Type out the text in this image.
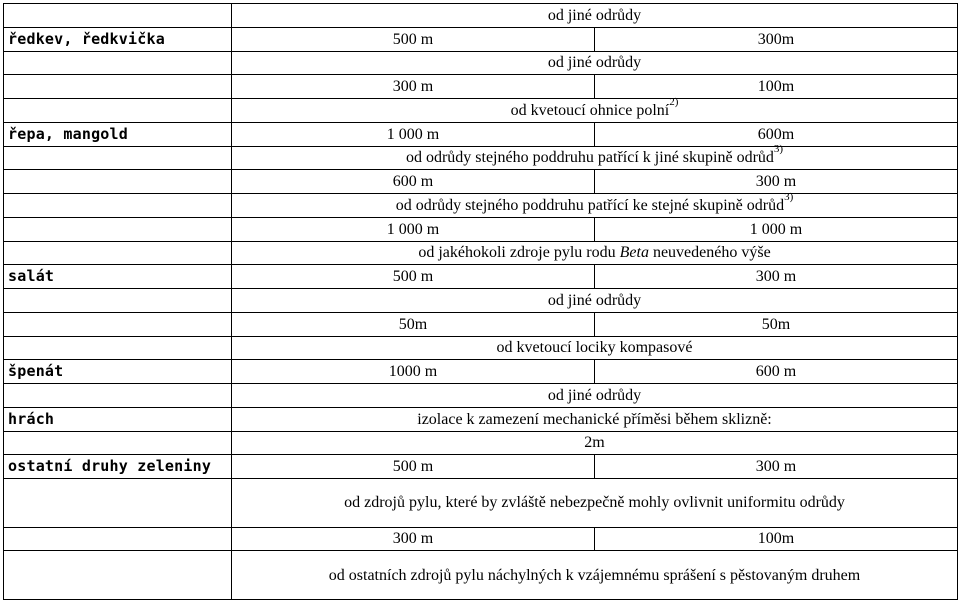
	od jiné odrůdy	
ředkev, ředkvička	500 m	300m
	od jiné odrůdy	
	300 m	100m
	od kvetoucí ohnice polní$^{2)}$
řepa, mangold	1 000 m	600m
	od odrůdy stejného poddruhu patřící k jiné skupině odrůd$^{3)}$
	600 m	300 m
	od odrůdy stejného poddruhu patřící ke stejné skupině odrůd$^{3)}$
	1 000 m	1 000 m
	od jakéhokoli zdroje pylu rodu Beta neuvedeného výše	
salát	500 m	300 m
	od jiné odrůdy	
	50m	50m
	od kvetoucí lociky kompasové	
špenát	1000 m	600 m
	od jiné odrůdy	
hrách	izolace k zamezení mechanické příměsi během sklizně:	
	2m	
ostatní druhy zeleniny	500 m	300 m
	od zdrojů pylu, které by zvláště nebezpečně mohly ovlivnit uniformitu odrůdy	
	300 m	100m
	od ostatních zdrojů pylu náchylných k vzájemnému sprášení s pěstovaným druhem	
